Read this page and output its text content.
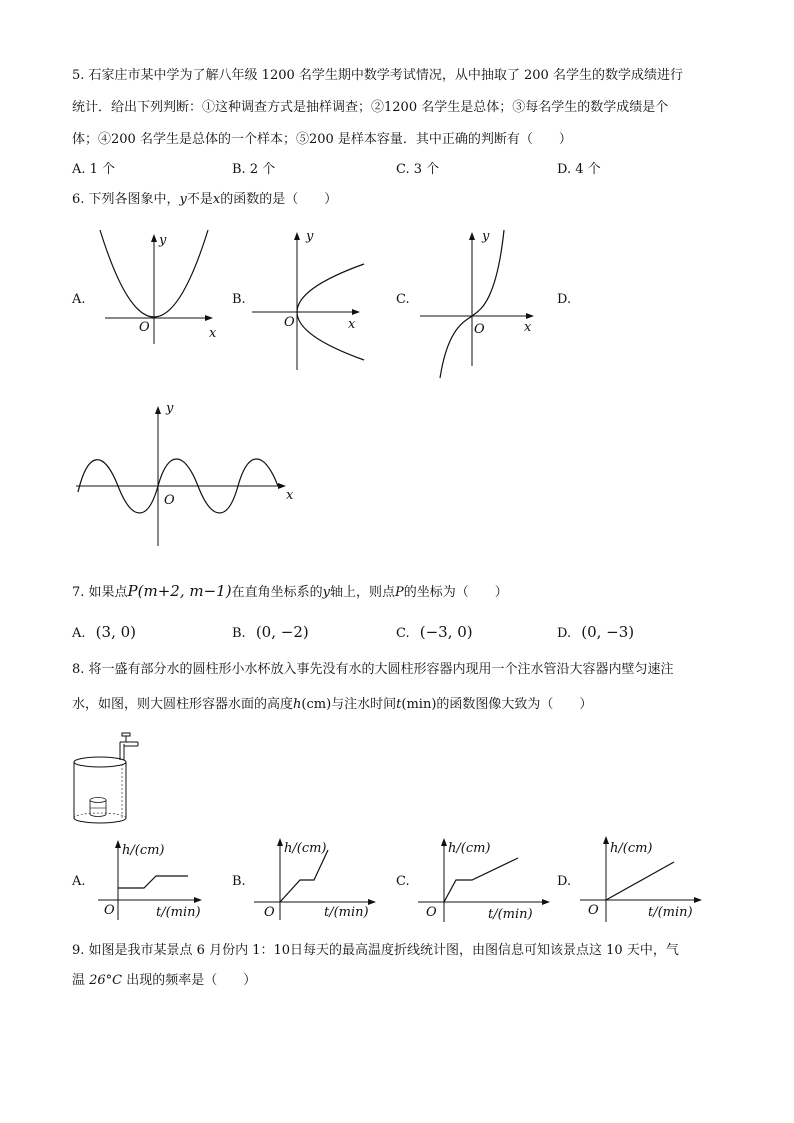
5. 石家庄市某中学为了解八年级 1200 名学生期中数学考试情况，从中抽取了 200 名学生的数学成绩进行
统计．给出下列判断：①这种调查方式是抽样调查；②1200 名学生是总体；③每名学生的数学成绩是个
体；④200 名学生是总体的一个样本；⑤200 是样本容量．其中正确的判断有（　　）
A. 1 个	B. 2 个	C. 3 个	D. 4 个
6. 下列各图象中，y不是x的函数的是（　　）
A.	B.	C.	D.
y
O	x
y
O	x
y
O	x
y
O	x
7. 如果点P(m+2, m−1)在直角坐标系的y轴上，则点P的坐标为（　　）
A. (3, 0)	B. (0, −2)	C. (−3, 0)	D. (0, −3)
8. 将一盛有部分水的圆柱形小水杯放入事先没有水的大圆柱形容器内现用一个注水管沿大容器内壁匀速注
水，如图，则大圆柱形容器水面的高度h(cm)与注水时间t(min)的函数图像大致为（　　）
A.	B.	C.	D.
h/(cm)
O	t/(min)
h/(cm)
O	t/(min)
h/(cm)
O	t/(min)
h/(cm)
O	t/(min)
9. 如图是我市某景点 6 月份内 1：10日每天的最高温度折线统计图，由图信息可知该景点这 10 天中，气
温 26°C 出现的频率是（　　）
